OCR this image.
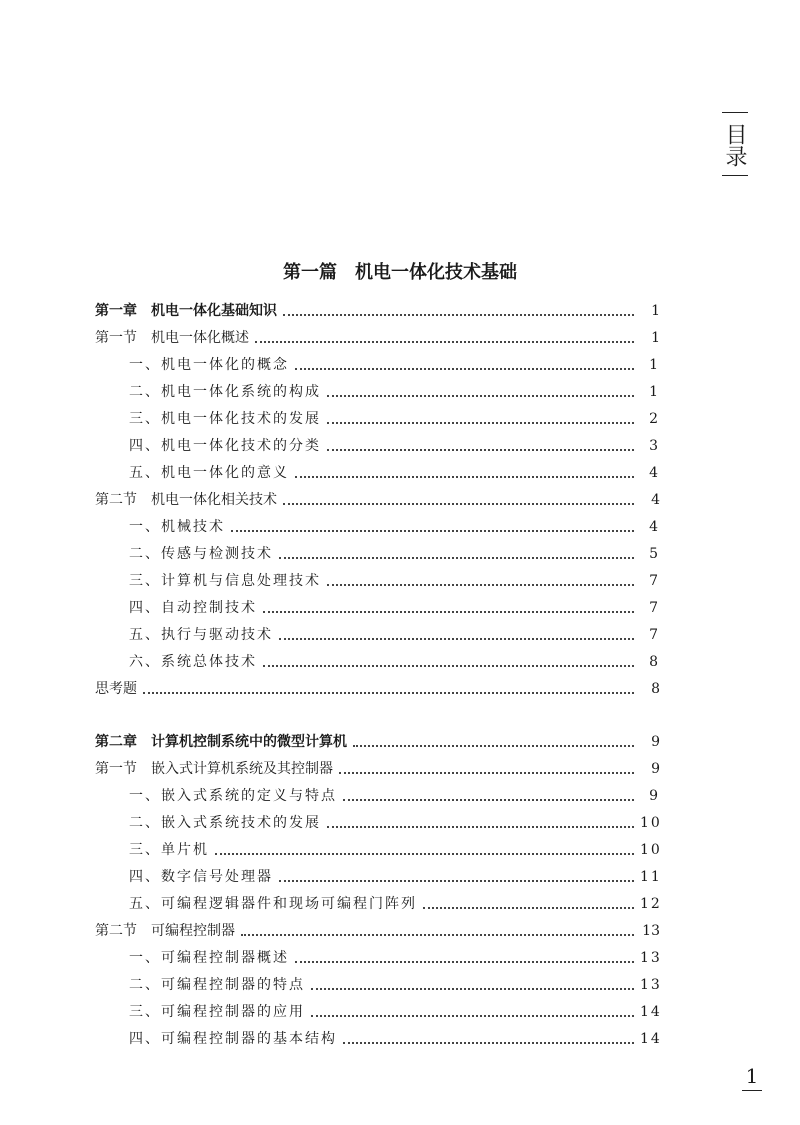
目录
第一篇 机电一体化技术基础
第一章 机电一体化基础知识	1
第一节 机电一体化概述	1
一、机电一体化的概念	1
二、机电一体化系统的构成	1
三、机电一体化技术的发展	2
四、机电一体化技术的分类	3
五、机电一体化的意义	4
第二节 机电一体化相关技术	4
一、机械技术	4
二、传感与检测技术	5
三、计算机与信息处理技术	7
四、自动控制技术	7
五、执行与驱动技术	7
六、系统总体技术	8
思考题	8
第二章 计算机控制系统中的微型计算机	9
第一节 嵌入式计算机系统及其控制器	9
一、嵌入式系统的定义与特点	9
二、嵌入式系统技术的发展	10
三、单片机	10
四、数字信号处理器	11
五、可编程逻辑器件和现场可编程门阵列	12
第二节 可编程控制器	13
一、可编程控制器概述	13
二、可编程控制器的特点	13
三、可编程控制器的应用	14
四、可编程控制器的基本结构	14
1
